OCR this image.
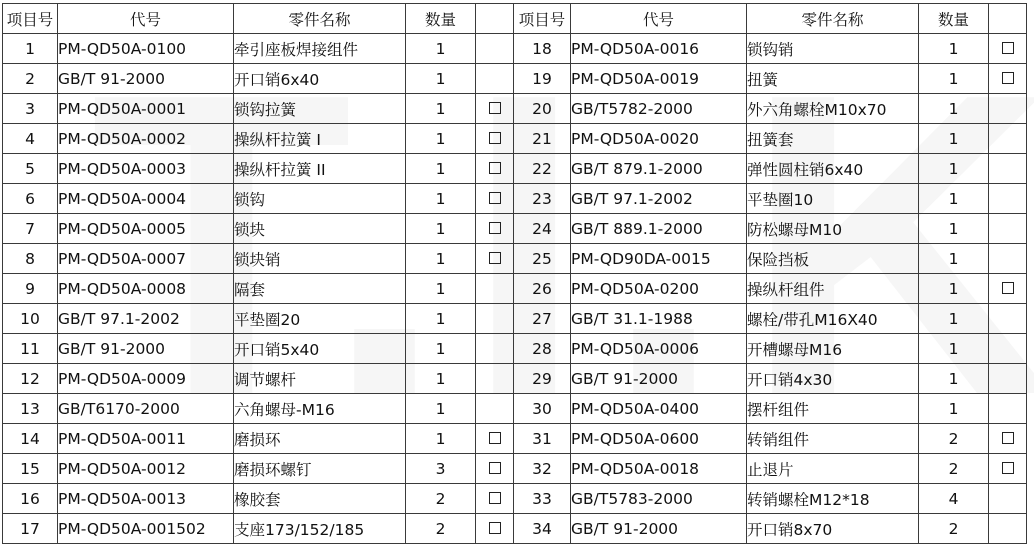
项目号	代号	零件名称	数量		项目号	代号	零件名称	数量	
1	PM-QD50A-0100	牵引座板焊接组件	1		18	PM-QD50A-0016	锁钩销	1	
2	GB/T 91-2000	开口销6x40	1		19	PM-QD50A-0019	扭簧	1	
3	PM-QD50A-0001	锁钩拉簧	1		20	GB/T5782-2000	外六角螺栓M10x70	1	
4	PM-QD50A-0002	操纵杆拉簧 I	1		21	PM-QD50A-0020	扭簧套	1	
5	PM-QD50A-0003	操纵杆拉簧 II	1		22	GB/T 879.1-2000	弹性圆柱销6x40	1	
6	PM-QD50A-0004	锁钩	1		23	GB/T 97.1-2002	平垫圈10	1	
7	PM-QD50A-0005	锁块	1		24	GB/T 889.1-2000	防松螺母M10	1	
8	PM-QD50A-0007	锁块销	1		25	PM-QD90DA-0015	保险挡板	1	
9	PM-QD50A-0008	隔套	1		26	PM-QD50A-0200	操纵杆组件	1	
10	GB/T 97.1-2002	平垫圈20	1		27	GB/T 31.1-1988	螺栓/带孔M16X40	1	
11	GB/T 91-2000	开口销5x40	1		28	PM-QD50A-0006	开槽螺母M16	1	
12	PM-QD50A-0009	调节螺杆	1		29	GB/T 91-2000	开口销4x30	1	
13	GB/T6170-2000	六角螺母-M16	1		30	PM-QD50A-0400	摆杆组件	1	
14	PM-QD50A-0011	磨损环	1		31	PM-QD50A-0600	转销组件	2	
15	PM-QD50A-0012	磨损环螺钉	3		32	PM-QD50A-0018	止退片	2	
16	PM-QD50A-0013	橡胶套	2		33	GB/T5783-2000	转销螺栓M12*18	4	
17	PM-QD50A-001502	支座173/152/185	2		34	GB/T 91-2000	开口销8x70	2	
